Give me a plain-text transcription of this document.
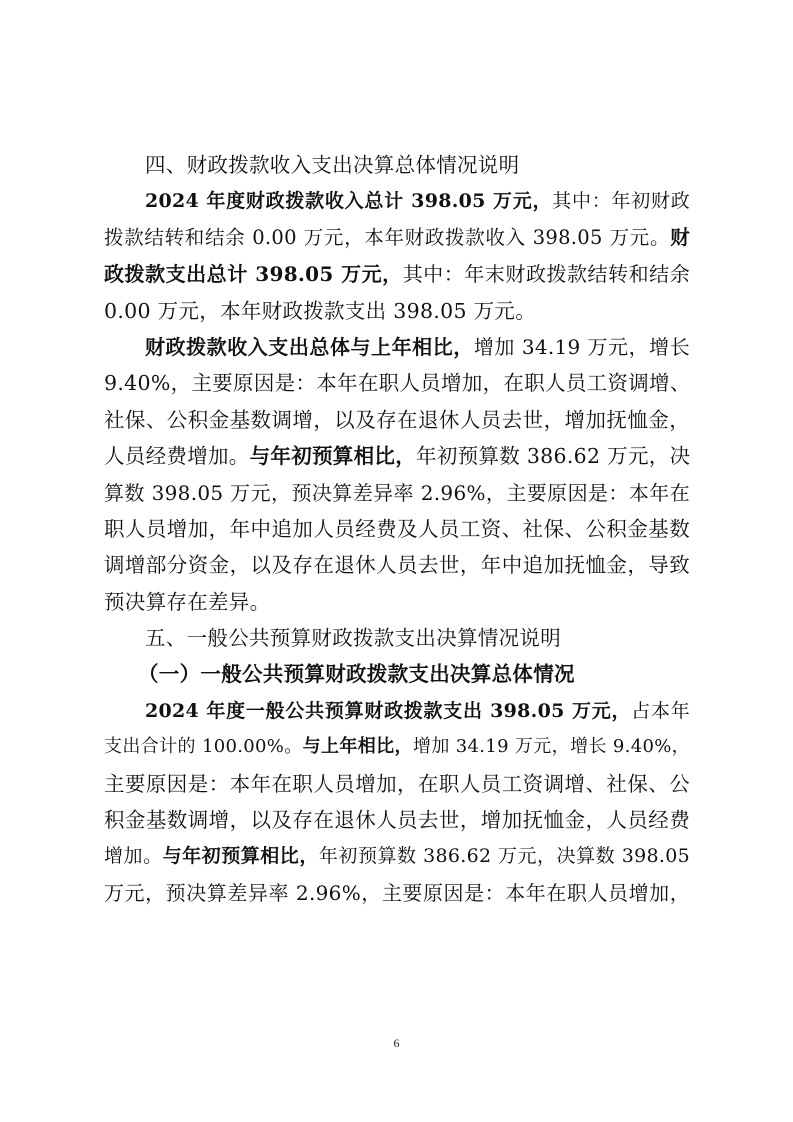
四、财政拨款收入支出决算总体情况说明
2024 年度财政拨款收入总计 398.05 万元，其中：年初财政
拨款结转和结余 0.00 万元，本年财政拨款收入 398.05 万元。财
政拨款支出总计 398.05 万元，其中：年末财政拨款结转和结余
0.00 万元，本年财政拨款支出 398.05 万元。
财政拨款收入支出总体与上年相比，增加 34.19 万元，增长
9.40%，主要原因是：本年在职人员增加，在职人员工资调增、
社保、公积金基数调增，以及存在退休人员去世，增加抚恤金，
人员经费增加。与年初预算相比，年初预算数 386.62 万元，决
算数 398.05 万元，预决算差异率 2.96%，主要原因是：本年在
职人员增加，年中追加人员经费及人员工资、社保、公积金基数
调增部分资金，以及存在退休人员去世，年中追加抚恤金，导致
预决算存在差异。
五、一般公共预算财政拨款支出决算情况说明
（一）一般公共预算财政拨款支出决算总体情况
2024 年度一般公共预算财政拨款支出 398.05 万元，占本年
支出合计的 100.00%。与上年相比，增加 34.19 万元，增长 9.40%，
主要原因是：本年在职人员增加，在职人员工资调增、社保、公
积金基数调增，以及存在退休人员去世，增加抚恤金，人员经费
增加。与年初预算相比，年初预算数 386.62 万元，决算数 398.05
万元，预决算差异率 2.96%，主要原因是：本年在职人员增加，
6
